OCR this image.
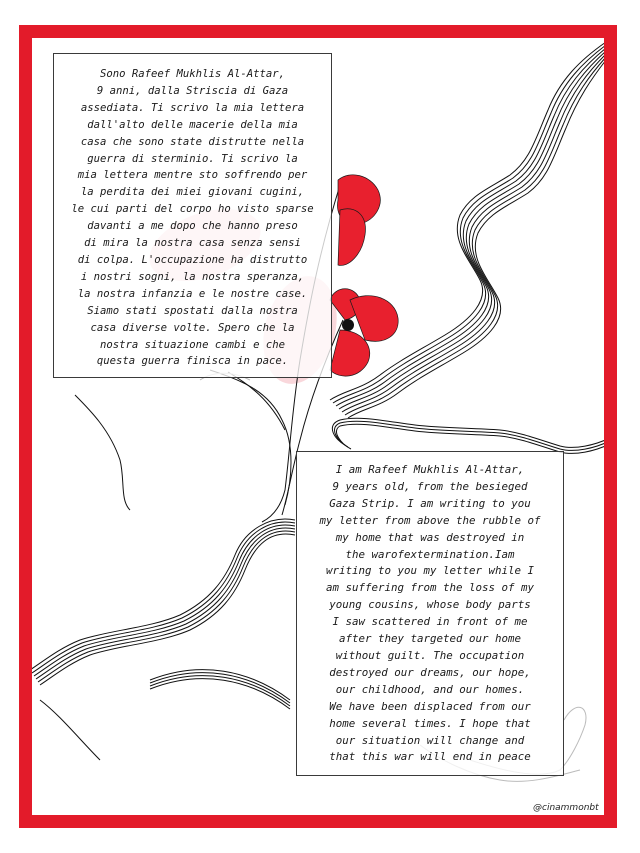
Sono Rafeef Mukhlis Al-Attar,
9 anni, dalla Striscia di Gaza
assediata. Ti scrivo la mia lettera
dall'alto delle macerie della mia
casa che sono state distrutte nella
guerra di sterminio. Ti scrivo la
mia lettera mentre sto soffrendo per
la perdita dei miei giovani cugini,
le cui parti del corpo ho visto sparse
davanti a me dopo che hanno preso
di mira la nostra casa senza sensi
di colpa. L'occupazione ha distrutto
i nostri sogni, la nostra speranza,
la nostra infanzia e le nostre case.
Siamo stati spostati dalla nostra
casa diverse volte. Spero che la
nostra situazione cambi e che
questa guerra finisca in pace.
I am Rafeef Mukhlis Al-Attar,
9 years old, from the besieged
Gaza Strip. I am writing to you
my letter from above the rubble of
my home that was destroyed in
the warofextermination.Iam
writing to you my letter while I
am suffering from the loss of my
young cousins, whose body parts
I saw scattered in front of me
after they targeted our home
without guilt. The occupation
destroyed our dreams, our hope,
our childhood, and our homes.
We have been displaced from our
home several times. I hope that
our situation will change and
that this war will end in peace
@cinammonbt
